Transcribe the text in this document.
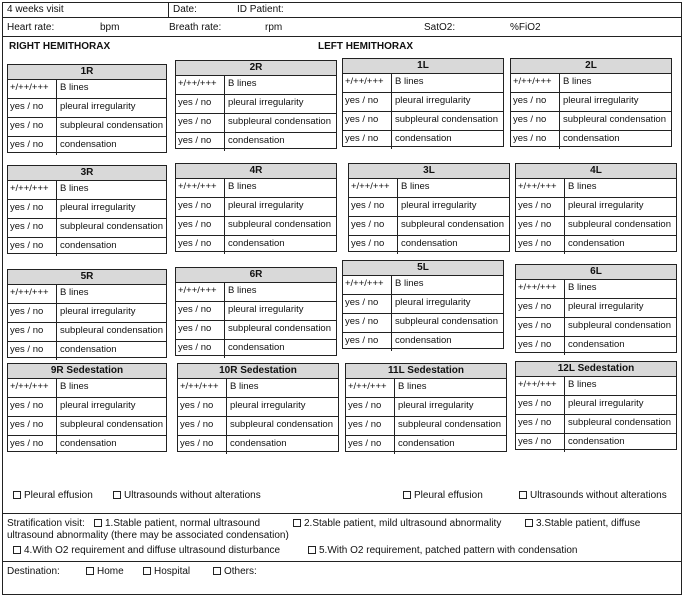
4 weeks visit	Date:	ID Patient:
Heart rate:	bpm	Breath rate:	rpm	SatO2:	%FiO2
RIGHT HEMITHORAX	LEFT HEMITHORAX
1R
+/++/+++	B lines
yes / no	pleural irregularity
yes / no	subpleural condensation
yes / no	condensation
2R
+/++/+++	B lines
yes / no	pleural irregularity
yes / no	subpleural condensation
yes / no	condensation
1L
+/++/+++	B lines
yes / no	pleural irregularity
yes / no	subpleural condensation
yes / no	condensation
2L
+/++/+++	B lines
yes / no	pleural irregularity
yes / no	subpleural condensation
yes / no	condensation
3R
+/++/+++	B lines
yes / no	pleural irregularity
yes / no	subpleural condensation
yes / no	condensation
4R
+/++/+++	B lines
yes / no	pleural irregularity
yes / no	subpleural condensation
yes / no	condensation
3L
+/++/+++	B lines
yes / no	pleural irregularity
yes / no	subpleural condensation
yes / no	condensation
4L
+/++/+++	B lines
yes / no	pleural irregularity
yes / no	subpleural condensation
yes / no	condensation
5R
+/++/+++	B lines
yes / no	pleural irregularity
yes / no	subpleural condensation
yes / no	condensation
6R
+/++/+++	B lines
yes / no	pleural irregularity
yes / no	subpleural condensation
yes / no	condensation
5L
+/++/+++	B lines
yes / no	pleural irregularity
yes / no	subpleural condensation
yes / no	condensation
6L
+/++/+++	B lines
yes / no	pleural irregularity
yes / no	subpleural condensation
yes / no	condensation
9R Sedestation
+/++/+++	B lines
yes / no	pleural irregularity
yes / no	subpleural condensation
yes / no	condensation
10R Sedestation
+/++/+++	B lines
yes / no	pleural irregularity
yes / no	subpleural condensation
yes / no	condensation
11L Sedestation
+/++/+++	B lines
yes / no	pleural irregularity
yes / no	subpleural condensation
yes / no	condensation
12L Sedestation
+/++/+++	B lines
yes / no	pleural irregularity
yes / no	subpleural condensation
yes / no	condensation
Pleural effusion	Ultrasounds without alterations	Pleural effusion	Ultrasounds without alterations
Stratification visit:	1.Stable patient, normal ultrasound	2.Stable patient, mild ultrasound abnormality	3.Stable patient, diffuse
ultrasound abnormality (there may be associated condensation)
4.With O2 requirement and diffuse ultrasound disturbance	5.With O2 requirement, patched pattern with condensation
Destination:	Home	Hospital	Others:
